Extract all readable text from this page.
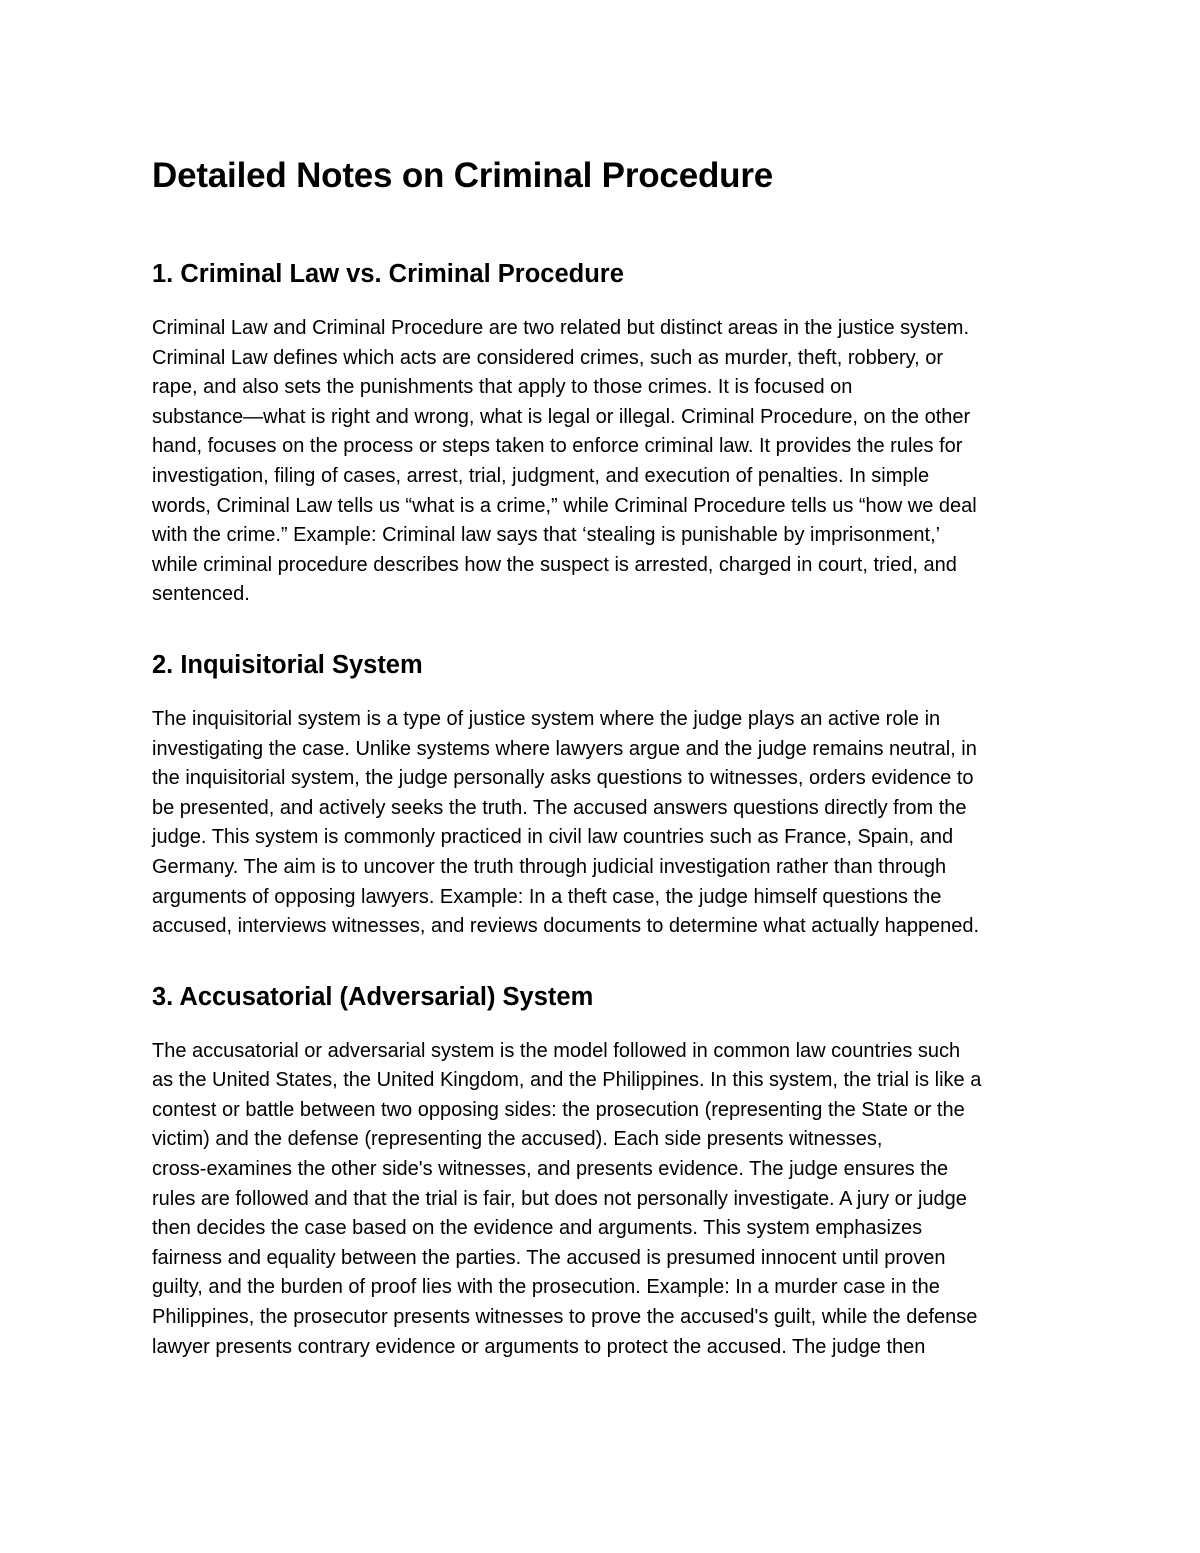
Detailed Notes on Criminal Procedure
1. Criminal Law vs. Criminal Procedure

Criminal Law and Criminal Procedure are two related but distinct areas in the justice system.
Criminal Law defines which acts are considered crimes, such as murder, theft, robbery, or
rape, and also sets the punishments that apply to those crimes. It is focused on
substance—what is right and wrong, what is legal or illegal. Criminal Procedure, on the other
hand, focuses on the process or steps taken to enforce criminal law. It provides the rules for
investigation, filing of cases, arrest, trial, judgment, and execution of penalties. In simple
words, Criminal Law tells us “what is a crime,” while Criminal Procedure tells us “how we deal
with the crime.” Example: Criminal law says that ‘stealing is punishable by imprisonment,’
while criminal procedure describes how the suspect is arrested, charged in court, tried, and
sentenced.

2. Inquisitorial System

The inquisitorial system is a type of justice system where the judge plays an active role in
investigating the case. Unlike systems where lawyers argue and the judge remains neutral, in
the inquisitorial system, the judge personally asks questions to witnesses, orders evidence to
be presented, and actively seeks the truth. The accused answers questions directly from the
judge. This system is commonly practiced in civil law countries such as France, Spain, and
Germany. The aim is to uncover the truth through judicial investigation rather than through
arguments of opposing lawyers. Example: In a theft case, the judge himself questions the
accused, interviews witnesses, and reviews documents to determine what actually happened.

3. Accusatorial (Adversarial) System

The accusatorial or adversarial system is the model followed in common law countries such
as the United States, the United Kingdom, and the Philippines. In this system, the trial is like a
contest or battle between two opposing sides: the prosecution (representing the State or the
victim) and the defense (representing the accused). Each side presents witnesses,
cross-examines the other side's witnesses, and presents evidence. The judge ensures the
rules are followed and that the trial is fair, but does not personally investigate. A jury or judge
then decides the case based on the evidence and arguments. This system emphasizes
fairness and equality between the parties. The accused is presumed innocent until proven
guilty, and the burden of proof lies with the prosecution. Example: In a murder case in the
Philippines, the prosecutor presents witnesses to prove the accused's guilt, while the defense
lawyer presents contrary evidence or arguments to protect the accused. The judge then
